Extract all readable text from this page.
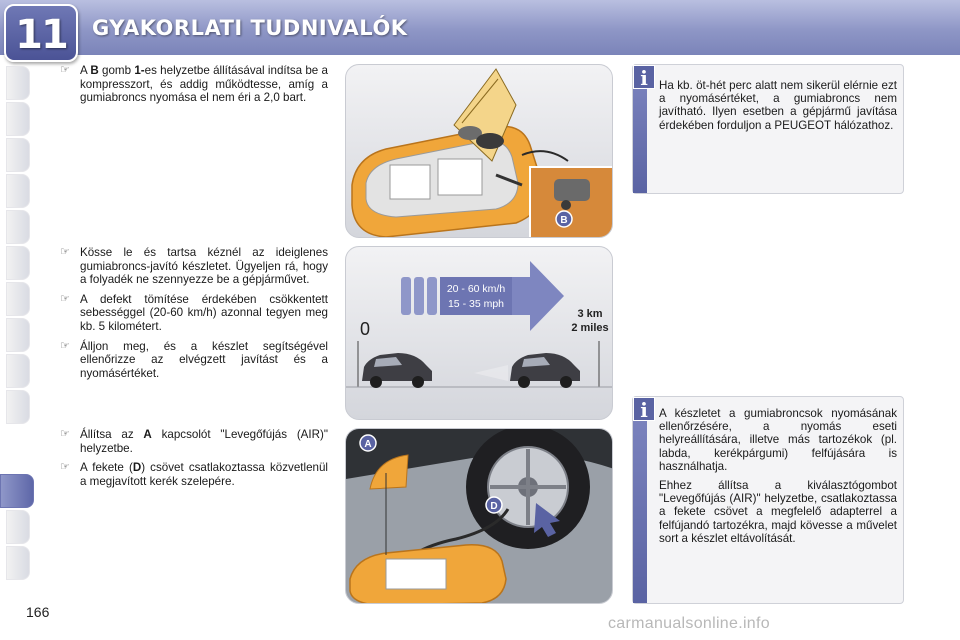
11	GYAKORLATI TUDNIVALÓK
☞ A B gomb 1-es helyzetbe állításával indítsa be a kompresszort, és addig működtesse, amíg a gumiabroncs nyomása el nem éri a 2,0 bart.
☞ Kösse le és tartsa kéznél az ideiglenes gumiabroncs-javító készletet. Ügyeljen rá, hogy a folyadék ne szennyezze be a gépjárművet.
☞ A defekt tömítése érdekében csökkentett sebességgel (20-60 km/h) azonnal tegyen meg kb. 5 kilométert.
☞ Álljon meg, és a készlet segítségével ellenőrizze az elvégzett javítást és a nyomásértéket.
☞ Állítsa az A kapcsolót "Levegőfújás (AIR)" helyzetbe.
☞ A fekete (D) csövet csatlakoztassa közvetlenül a megjavított kerék szelepére.
B
20 - 60 km/h
15 - 35 mph
0
3 km
2 miles
A
D
i Ha kb. öt-hét perc alatt nem sikerül elérnie ezt a nyomásértéket, a gumiabroncs nem javítható. Ilyen esetben a gépjármű javítása érdekében forduljon a PEUGEOT hálózathoz.

i A készletet a gumiabroncsok nyomásának ellenőrzésére, a nyomás eseti helyreállítására, illetve más tartozékok (pl. labda, kerékpárgumi) felfújására is használhatja.

Ehhez állítsa a kiválasztógombot "Levegőfújás (AIR)" helyzetbe, csatlakoztassa a fekete csövet a megfelelő adapterrel a felfújandó tartozékra, majd kövesse a művelet sort a készlet eltávolítását.

166
carmanualsonline.info
